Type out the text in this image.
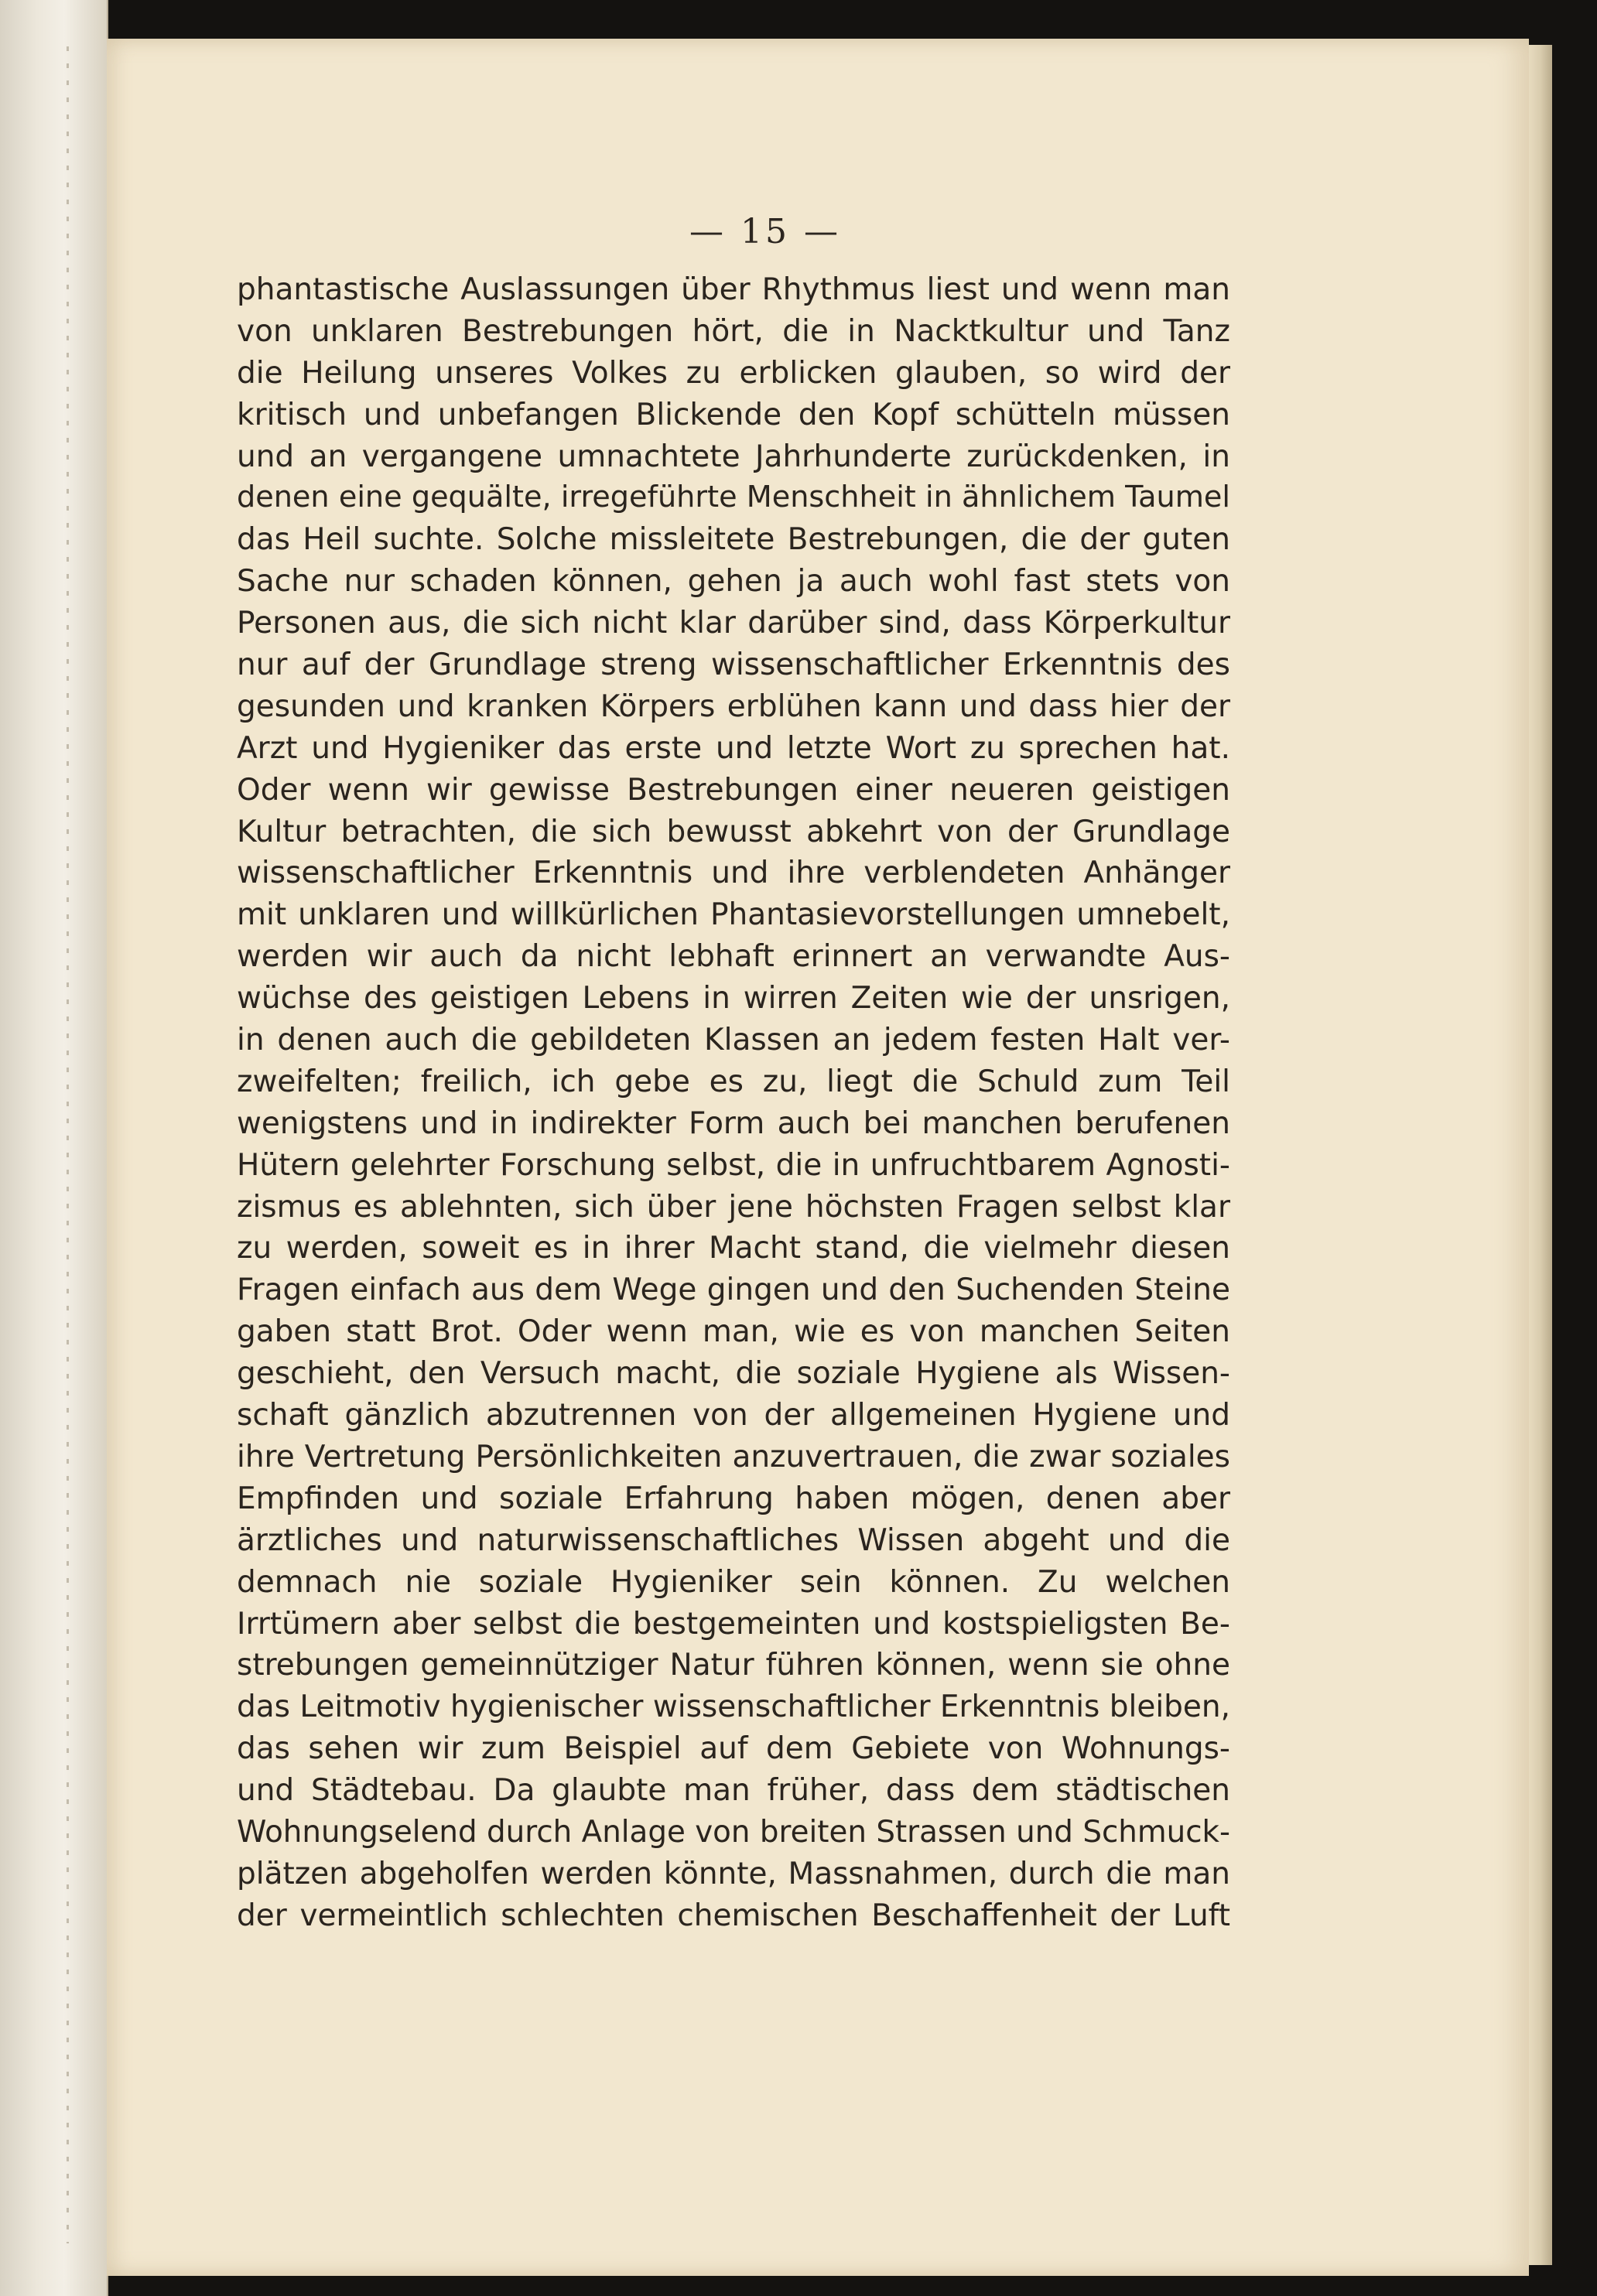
— 15 —
phantastische Auslassungen über Rhythmus liest und wenn man
von unklaren Bestrebungen hört, die in Nacktkultur und Tanz
die Heilung unseres Volkes zu erblicken glauben, so wird der
kritisch und unbefangen Blickende den Kopf schütteln müssen
und an vergangene umnachtete Jahrhunderte zurückdenken, in
denen eine gequälte, irregeführte Menschheit in ähnlichem Taumel
das Heil suchte. Solche missleitete Bestrebungen, die der guten
Sache nur schaden können, gehen ja auch wohl fast stets von
Personen aus, die sich nicht klar darüber sind, dass Körperkultur
nur auf der Grundlage streng wissenschaftlicher Erkenntnis des
gesunden und kranken Körpers erblühen kann und dass hier der
Arzt und Hygieniker das erste und letzte Wort zu sprechen hat.
Oder wenn wir gewisse Bestrebungen einer neueren geistigen
Kultur betrachten, die sich bewusst abkehrt von der Grundlage
wissenschaftlicher Erkenntnis und ihre verblendeten Anhänger
mit unklaren und willkürlichen Phantasievorstellungen umnebelt,
werden wir auch da nicht lebhaft erinnert an verwandte Aus-
wüchse des geistigen Lebens in wirren Zeiten wie der unsrigen,
in denen auch die gebildeten Klassen an jedem festen Halt ver-
zweifelten; freilich, ich gebe es zu, liegt die Schuld zum Teil
wenigstens und in indirekter Form auch bei manchen berufenen
Hütern gelehrter Forschung selbst, die in unfruchtbarem Agnosti-
zismus es ablehnten, sich über jene höchsten Fragen selbst klar
zu werden, soweit es in ihrer Macht stand, die vielmehr diesen
Fragen einfach aus dem Wege gingen und den Suchenden Steine
gaben statt Brot. Oder wenn man, wie es von manchen Seiten
geschieht, den Versuch macht, die soziale Hygiene als Wissen-
schaft gänzlich abzutrennen von der allgemeinen Hygiene und
ihre Vertretung Persönlichkeiten anzuvertrauen, die zwar soziales
Empfinden und soziale Erfahrung haben mögen, denen aber
ärztliches und naturwissenschaftliches Wissen abgeht und die
demnach nie soziale Hygieniker sein können. Zu welchen
Irrtümern aber selbst die bestgemeinten und kostspieligsten Be-
strebungen gemeinnütziger Natur führen können, wenn sie ohne
das Leitmotiv hygienischer wissenschaftlicher Erkenntnis bleiben,
das sehen wir zum Beispiel auf dem Gebiete von Wohnungs-
und Städtebau. Da glaubte man früher, dass dem städtischen
Wohnungselend durch Anlage von breiten Strassen und Schmuck-
plätzen abgeholfen werden könnte, Massnahmen, durch die man
der vermeintlich schlechten chemischen Beschaffenheit der Luft
